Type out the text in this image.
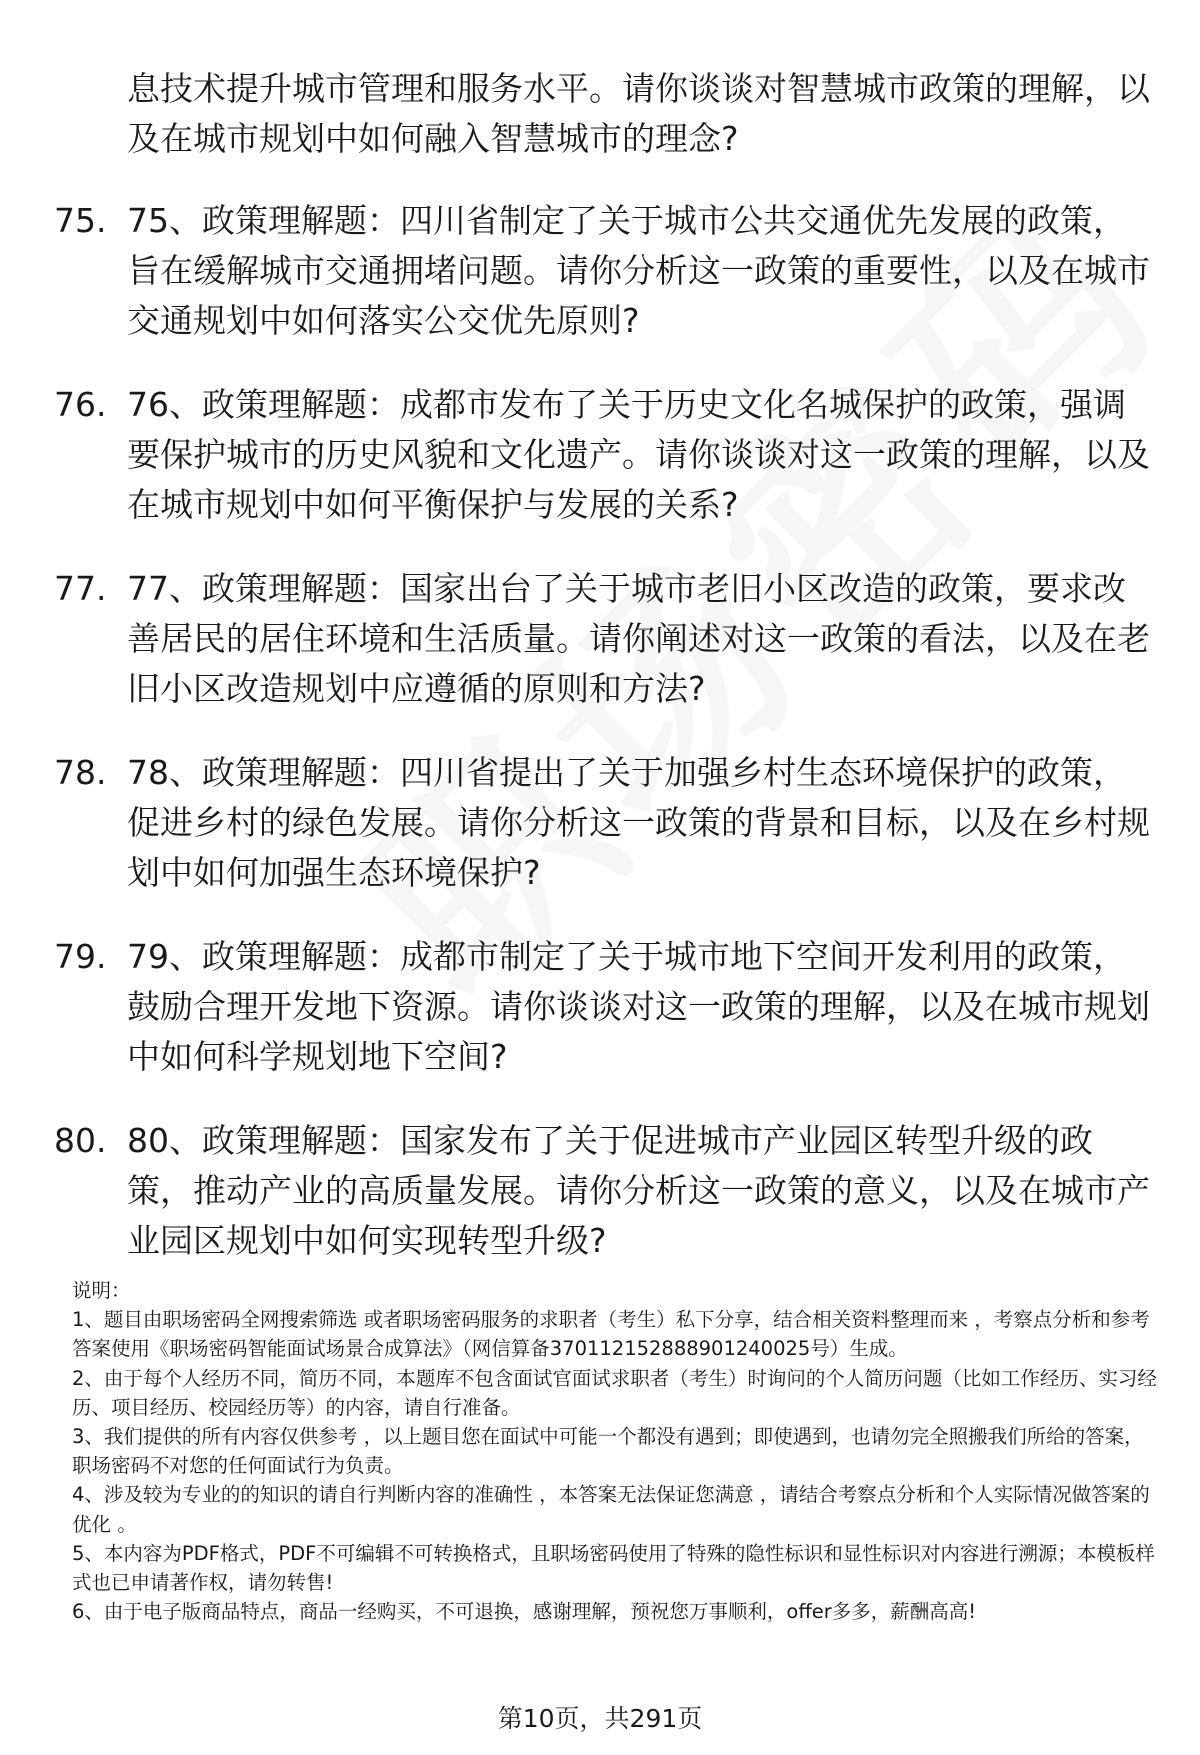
息技术提升城市管理和服务水平。请你谈谈对智慧城市政策的理解，以及在城市规划中如何融入智慧城市的理念?

75. 75、政策理解题：四川省制定了关于城市公共交通优先发展的政策，旨在缓解城市交通拥堵问题。请你分析这一政策的重要性，以及在城市交通规划中如何落实公交优先原则?

76. 76、政策理解题：成都市发布了关于历史文化名城保护的政策，强调要保护城市的历史风貌和文化遗产。请你谈谈对这一政策的理解，以及在城市规划中如何平衡保护与发展的关系?

77. 77、政策理解题：国家出台了关于城市老旧小区改造的政策，要求改善居民的居住环境和生活质量。请你阐述对这一政策的看法，以及在老旧小区改造规划中应遵循的原则和方法?

78. 78、政策理解题：四川省提出了关于加强乡村生态环境保护的政策，促进乡村的绿色发展。请你分析这一政策的背景和目标，以及在乡村规划中如何加强生态环境保护?

79. 79、政策理解题：成都市制定了关于城市地下空间开发利用的政策，鼓励合理开发地下资源。请你谈谈对这一政策的理解，以及在城市规划中如何科学规划地下空间?

80. 80、政策理解题：国家发布了关于促进城市产业园区转型升级的政策，推动产业的高质量发展。请你分析这一政策的意义，以及在城市产业园区规划中如何实现转型升级?

说明：

1、题目由职场密码全网搜索筛选 或者职场密码服务的求职者（考生）私下分享，结合相关资料整理而来 ，考察点分析和参考答案使用《职场密码智能面试场景合成算法》（网信算备37011215288890124002​5号）生成。

2、由于每个人经历不同，简历不同，本题库不包含面试官面试求职者（考生）时询问的个人简历问题（比如工作经历、实习经历、项目经历、校园经历等）的内容，请自行准备。

3、我们提供的所有内容仅供参考 ，以上题目您在面试中可能一个都没有遇到；即使遇到，也请勿完全照搬我们所给的答案，职场密码不对您的任何面试行为负责。

4、涉及较为专业的的知识的请自行判断内容的准确性 ，本答案无法保证您满意 ，请结合考察点分析和个人实际情况做答案的优化 。

5、本内容为PDF格式，PDF不可编辑不可转换格式，且职场密码使用了特殊的隐性标识和显性标识对内容进行溯源；本模板样式也已申请著作权，请勿转售!

6、由于电子版商品特点，商品一经购买，不可退换，感谢理解，预祝您万事顺利，offer多多，薪酬高高!

第10页，共291页
